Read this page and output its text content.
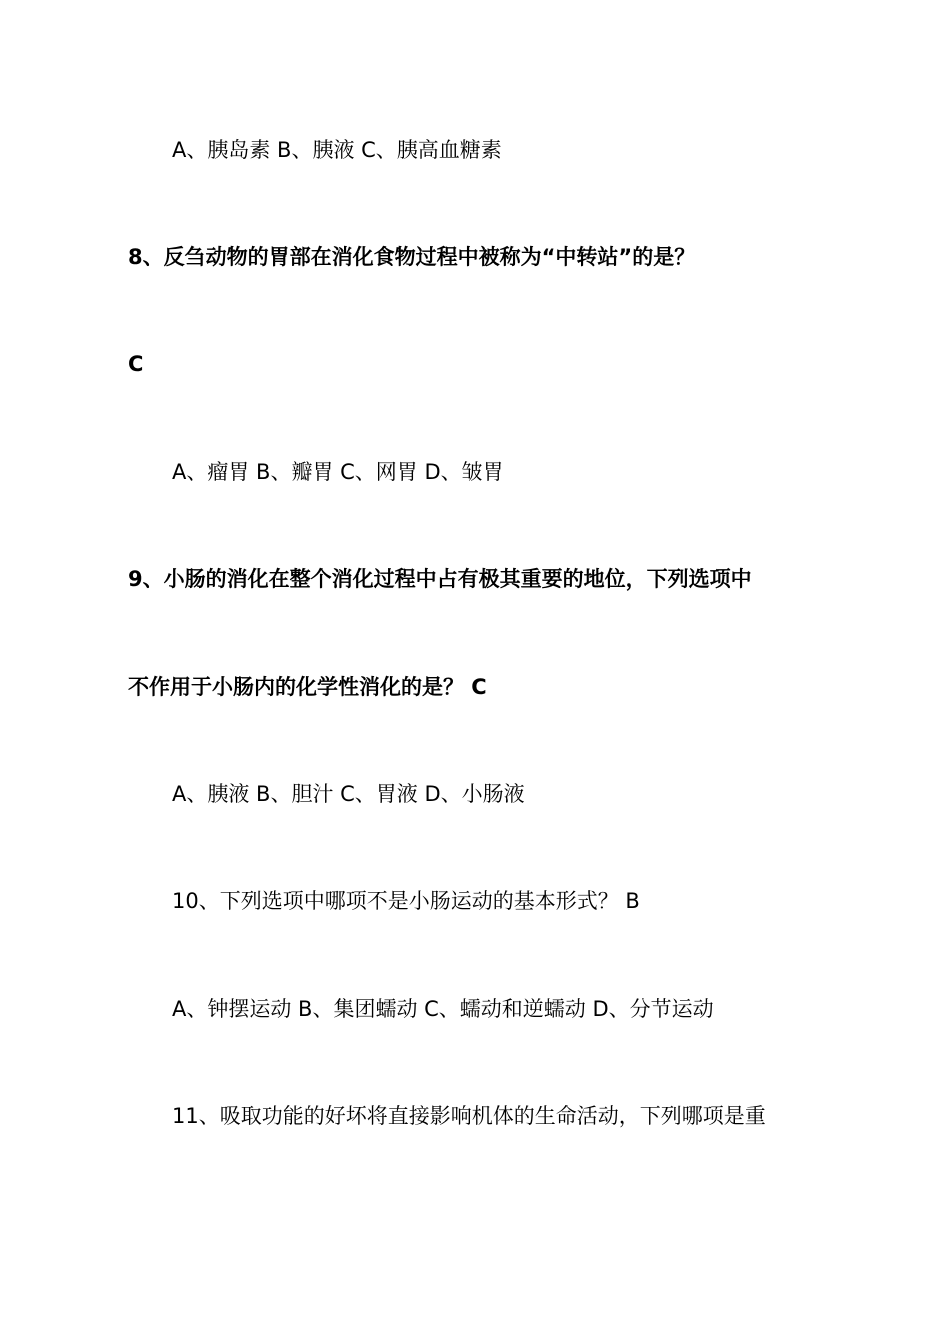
A、胰岛素 B、胰液 C、胰高血糖素
8、反刍动物的胃部在消化食物过程中被称为“中转站”的是？
C
A、瘤胃 B、瓣胃 C、网胃 D、皱胃
9、小肠的消化在整个消化过程中占有极其重要的地位，下列选项中
不作用于小肠内的化学性消化的是？ C
A、胰液 B、胆汁 C、胃液 D、小肠液
10、下列选项中哪项不是小肠运动的基本形式？ B
A、钟摆运动 B、集团蠕动 C、蠕动和逆蠕动 D、分节运动
11、吸取功能的好坏将直接影响机体的生命活动，下列哪项是重
